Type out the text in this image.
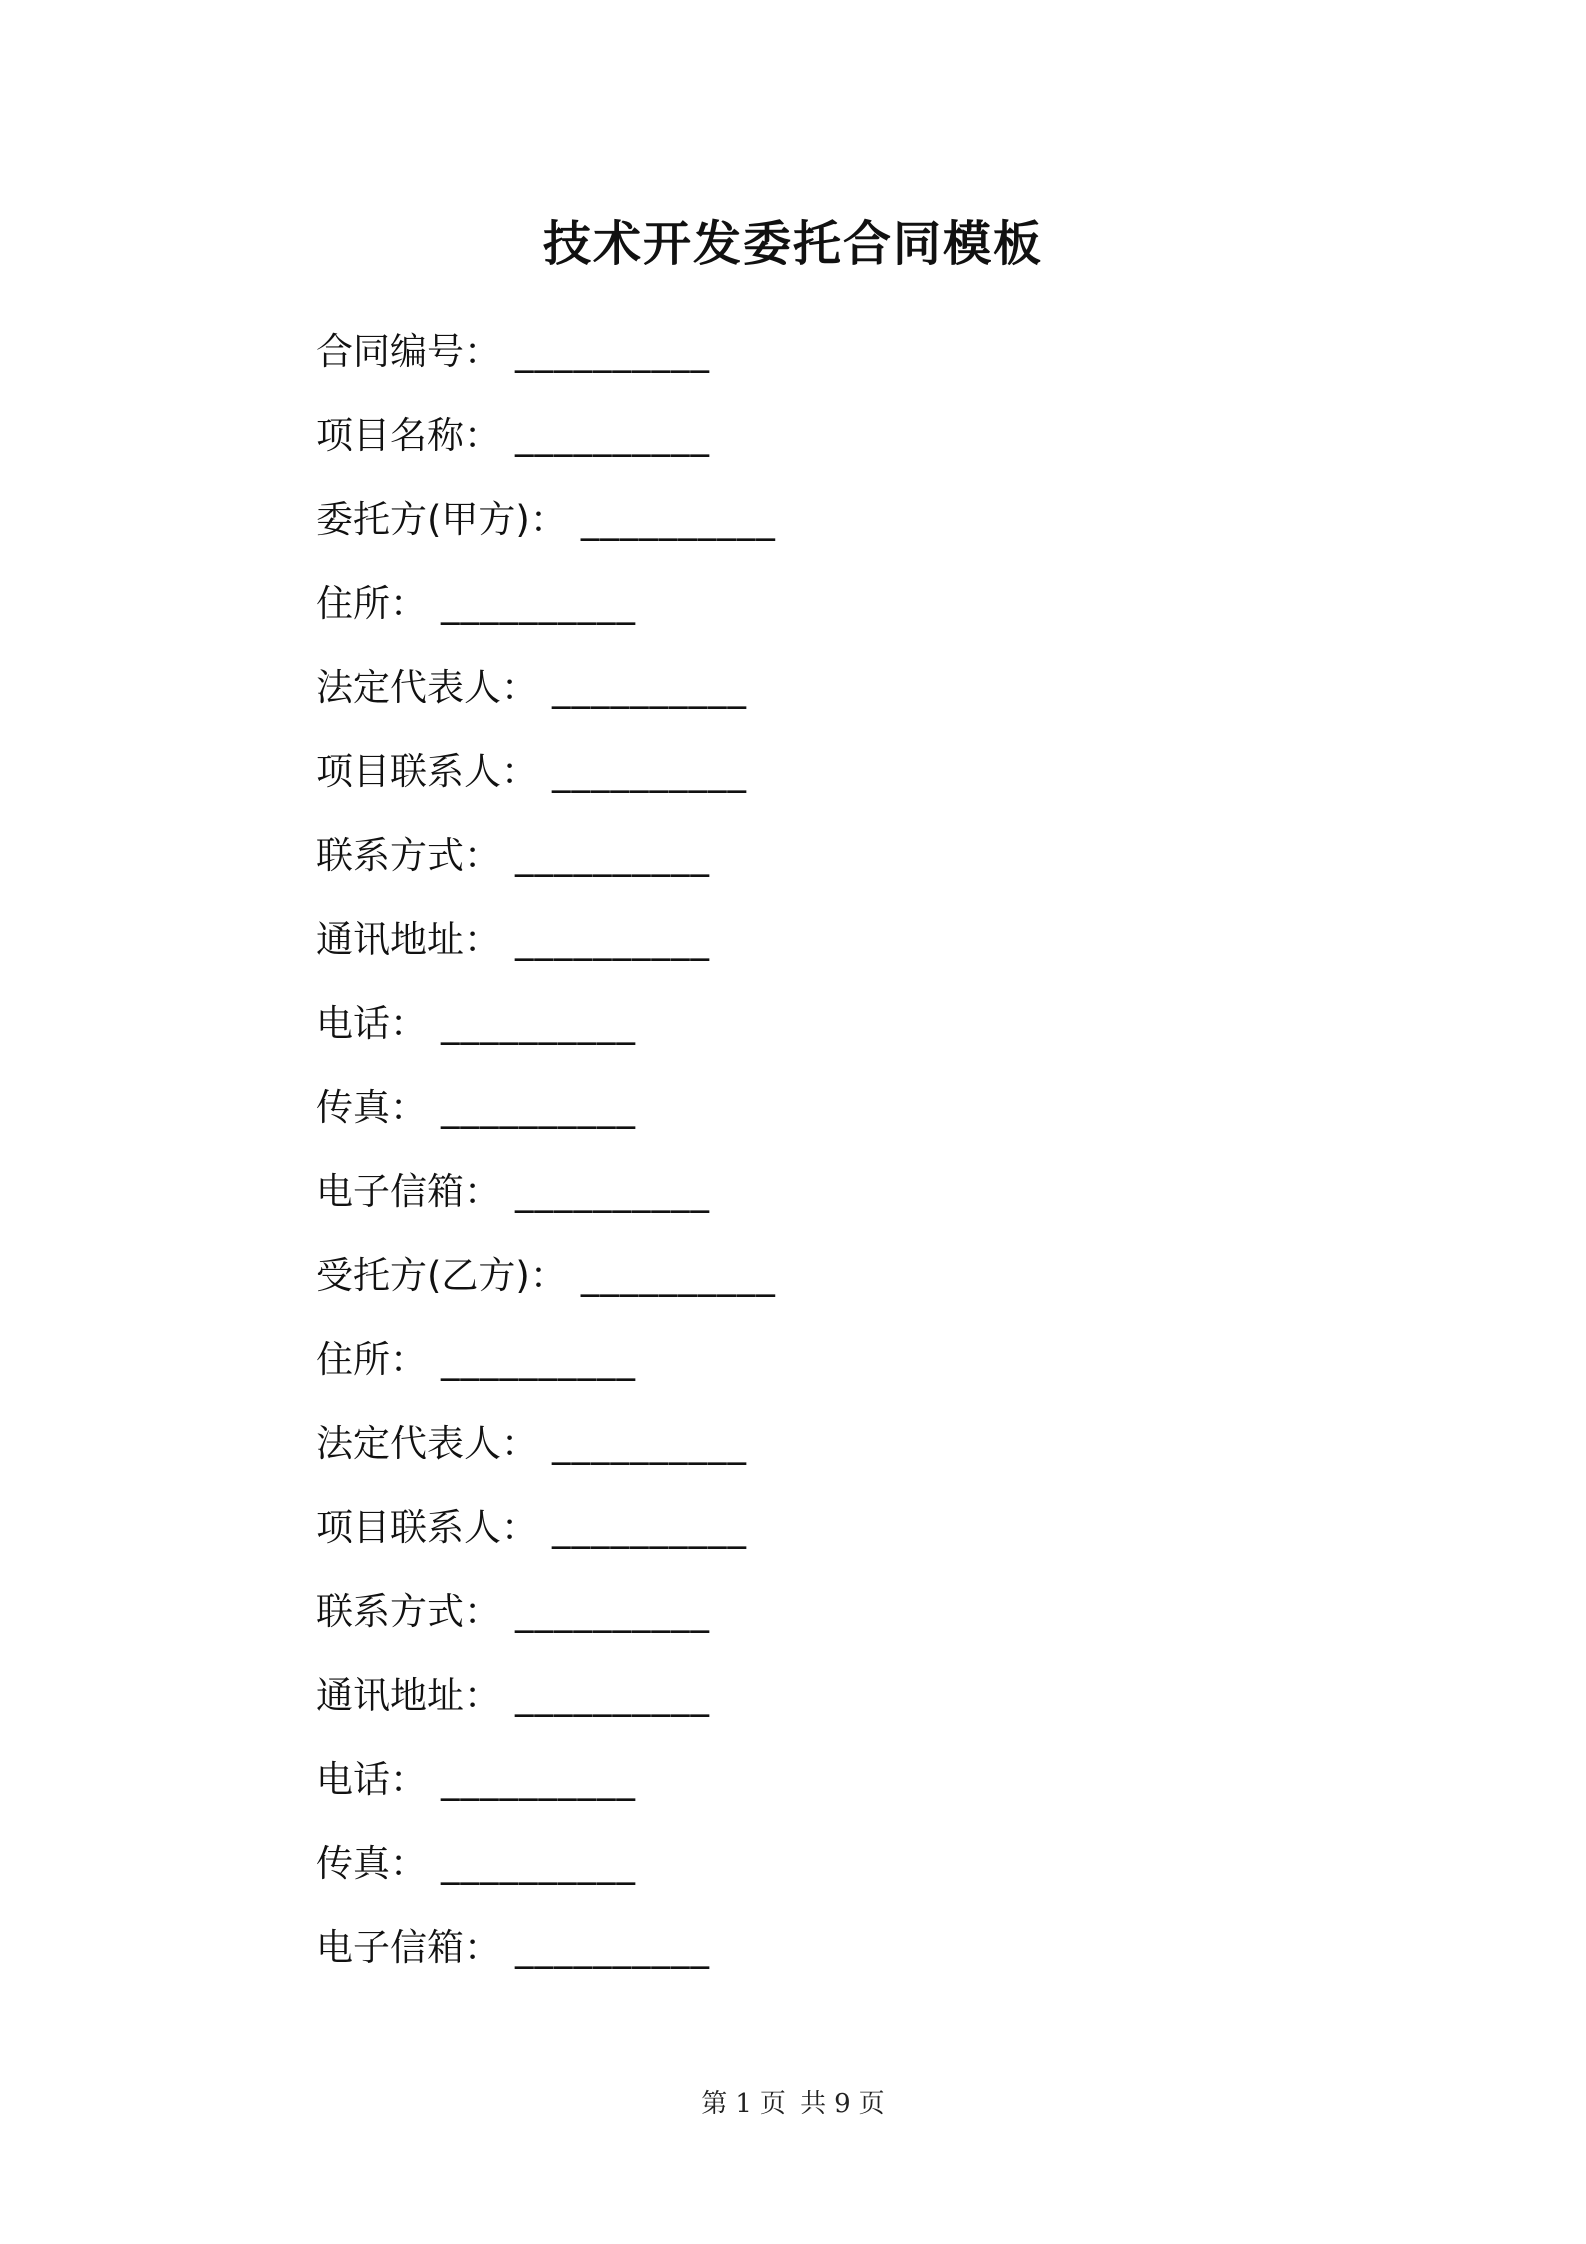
技术开发委托合同模板
合同编号 ： __________
项目名称 ： __________
委托方(甲方) ： __________
住所 ： __________
法定代表人 ： __________
项目联系人 ： __________
联系方式 ： __________
通讯地址 ： __________
电话 ： __________
传真 ： __________
电子信箱 ： __________
受托方(乙方) ： __________
住所 ： __________
法定代表人 ： __________
项目联系人 ： __________
联系方式 ： __________
通讯地址 ： __________
电话 ： __________
传真 ： __________
电子信箱 ： __________
第 1 页 共 9 页
